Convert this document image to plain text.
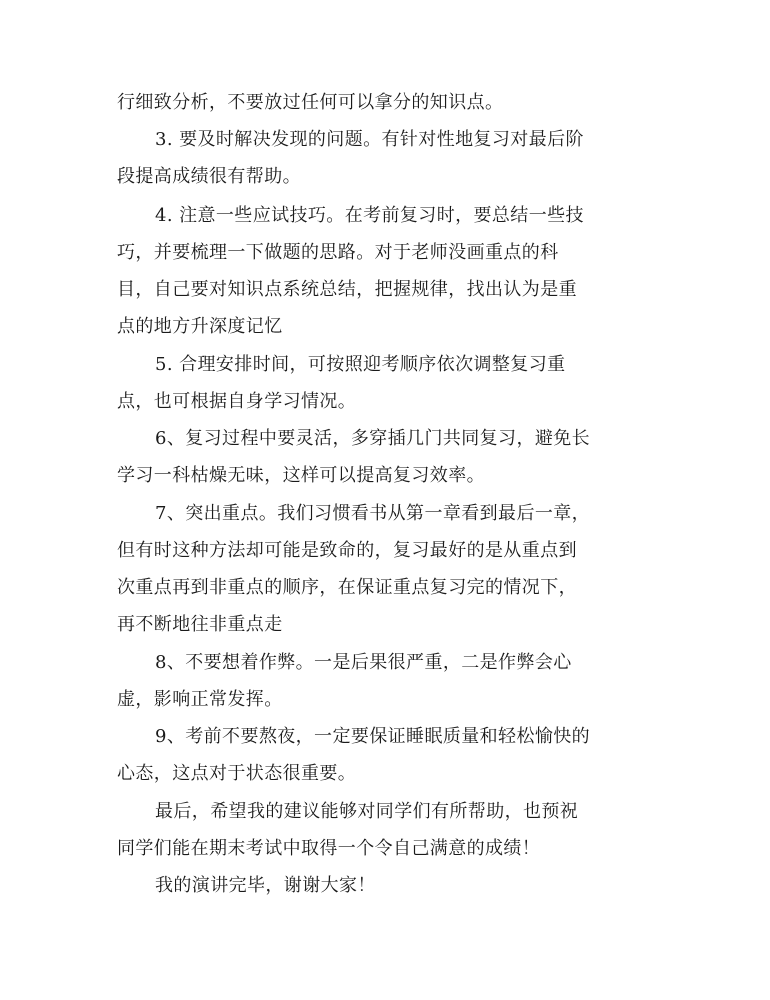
行细致分析，不要放过任何可以拿分的知识点。
3. 要及时解决发现的问题。有针对性地复习对最后阶
段提高成绩很有帮助。
4. 注意一些应试技巧。在考前复习时，要总结一些技
巧，并要梳理一下做题的思路。对于老师没画重点的科
目，自己要对知识点系统总结，把握规律，找出认为是重
点的地方升深度记忆
5. 合理安排时间，可按照迎考顺序依次调整复习重
点，也可根据自身学习情况。
6、复习过程中要灵活，多穿插几门共同复习，避免长
学习一科枯燥无味，这样可以提高复习效率。
7、突出重点。我们习惯看书从第一章看到最后一章，
但有时这种方法却可能是致命的，复习最好的是从重点到
次重点再到非重点的顺序，在保证重点复习完的情况下，
再不断地往非重点走
8、不要想着作弊。一是后果很严重，二是作弊会心
虚，影响正常发挥。
9、考前不要熬夜，一定要保证睡眠质量和轻松愉快的
心态，这点对于状态很重要。
最后，希望我的建议能够对同学们有所帮助，也预祝
同学们能在期末考试中取得一个令自己满意的成绩！
我的演讲完毕，谢谢大家！
